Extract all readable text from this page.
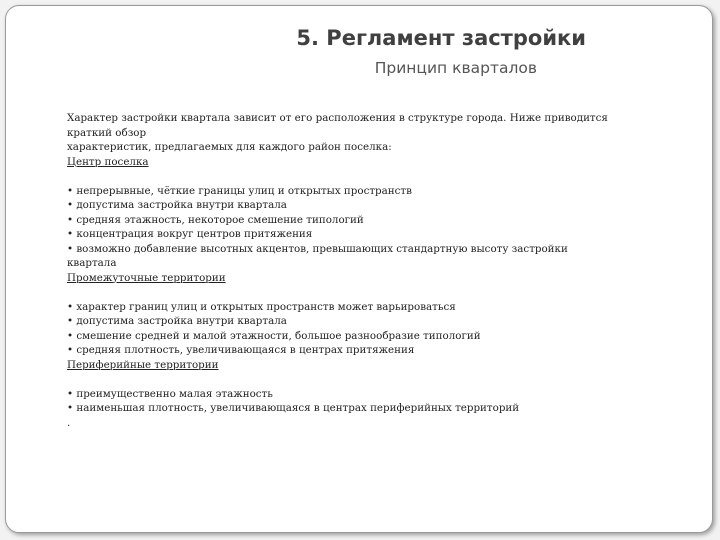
5. Регламент застройки
Принцип кварталов

Характер застройки квартала зависит от его расположения в структуре города. Ниже приводится

краткий обзор

характеристик, предлагаемых для каждого район поселка:

Центр поселка

• непрерывные, чёткие границы улиц и открытых пространств

• допустима застройка внутри квартала

• средняя этажность, некоторое смешение типологий

• концентрация вокруг центров притяжения

• возможно добавление высотных акцентов, превышающих стандартную высоту застройки

квартала

Промежуточные территории

• характер границ улиц и открытых пространств может варьироваться

• допустима застройка внутри квартала

• смешение средней и малой этажности, большое разнообразие типологий

• средняя плотность, увеличивающаяся в центрах притяжения

Периферийные территории

• преимущественно малая этажность

• наименьшая плотность, увеличивающаяся в центрах периферийных территорий

.
